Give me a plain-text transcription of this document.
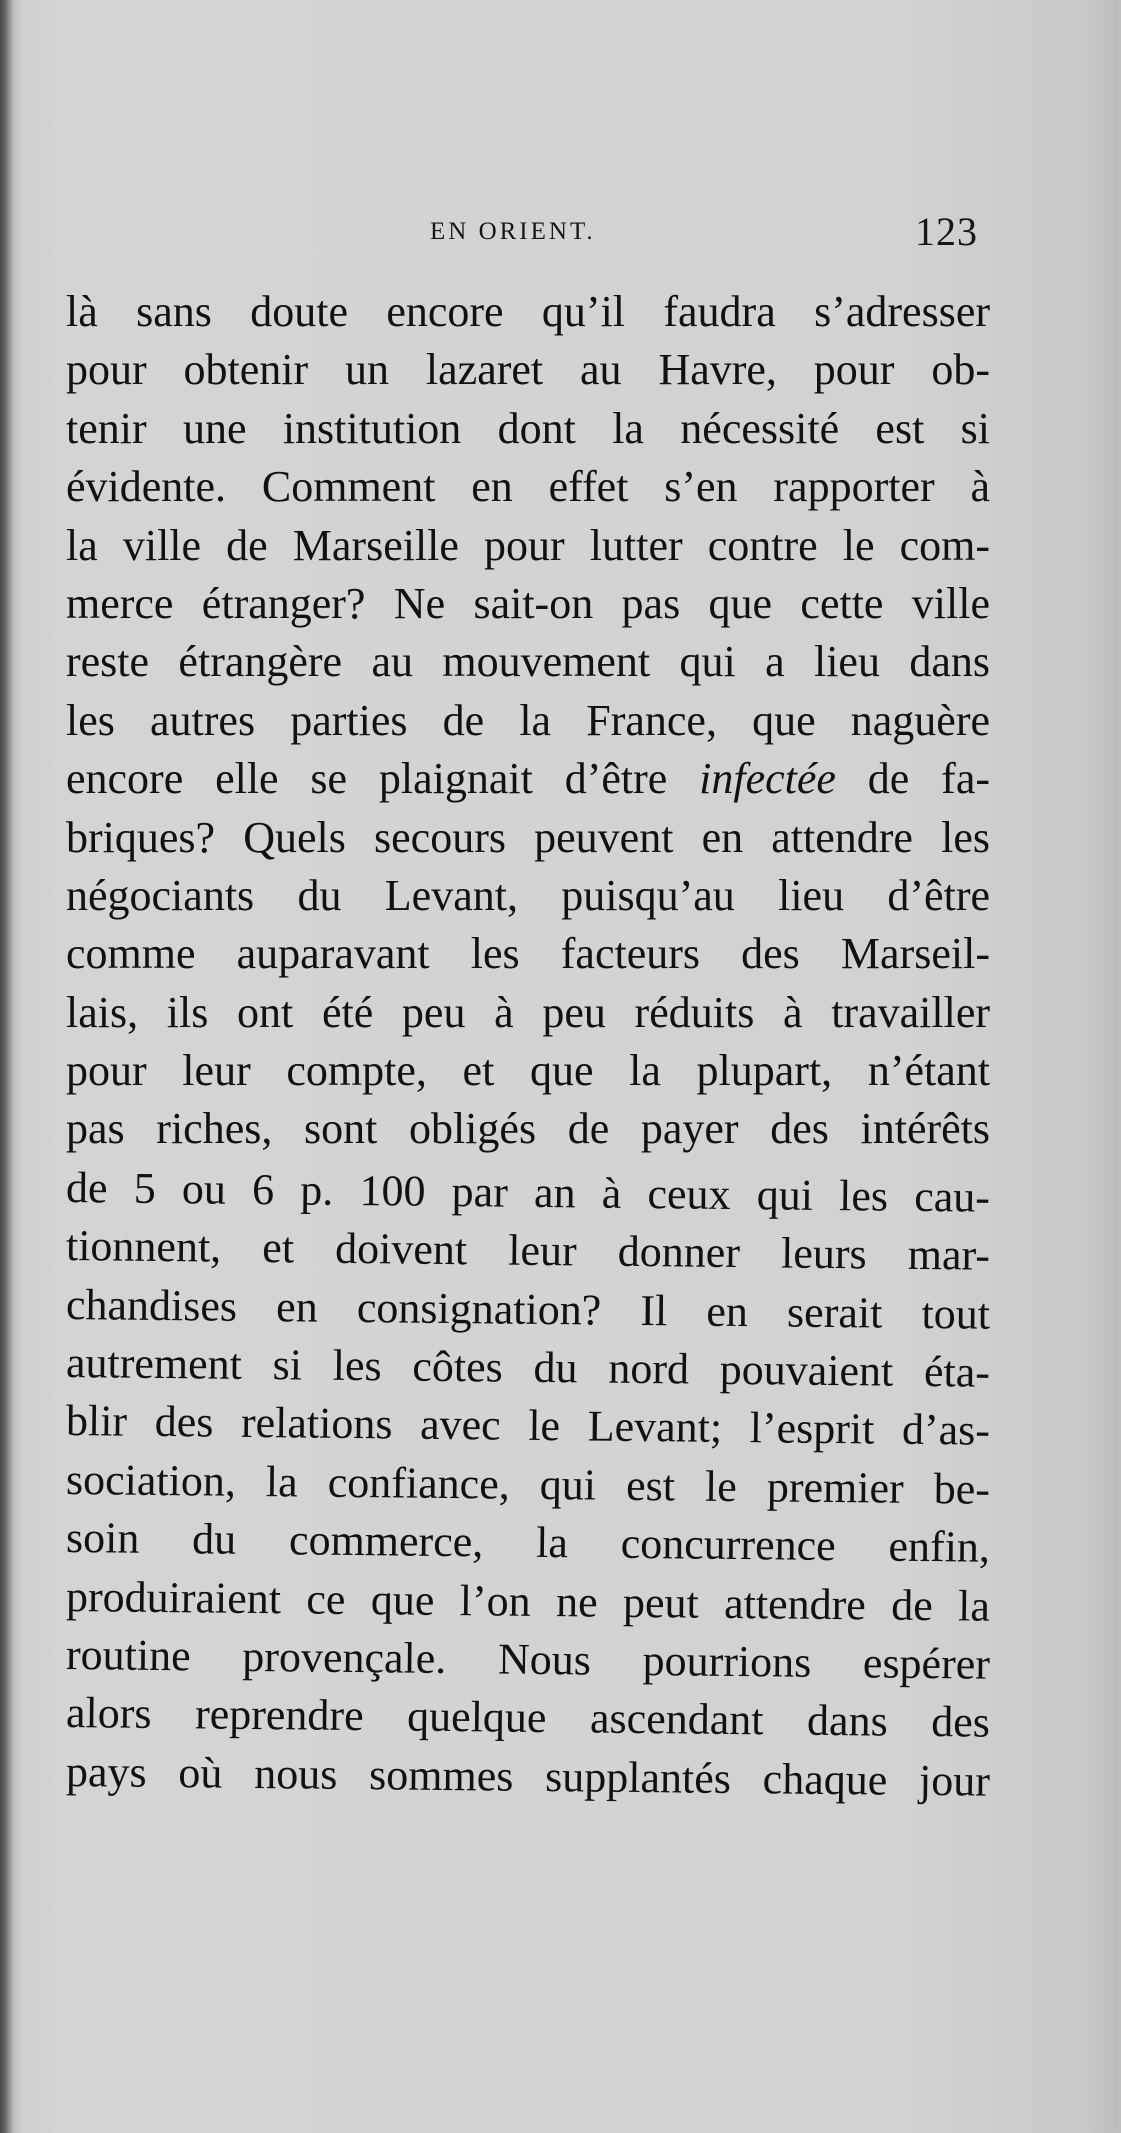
EN ORIENT.	123
là sans doute encore qu’il faudra s’adresser
pour obtenir un lazaret au Havre, pour ob-
tenir une institution dont la nécessité est si
évidente. Comment en effet s’en rapporter à
la ville de Marseille pour lutter contre le com-
merce étranger? Ne sait-on pas que cette ville
reste étrangère au mouvement qui a lieu dans
les autres parties de la France, que naguère
encore elle se plaignait d’être infectée de fa-
briques? Quels secours peuvent en attendre les
négociants du Levant, puisqu’au lieu d’être
comme auparavant les facteurs des Marseil-
lais, ils ont été peu à peu réduits à travailler
pour leur compte, et que la plupart, n’étant
pas riches, sont obligés de payer des intérêts
de 5 ou 6 p. 100 par an à ceux qui les cau-
tionnent, et doivent leur donner leurs mar-
chandises en consignation? Il en serait tout
autrement si les côtes du nord pouvaient éta-
blir des relations avec le Levant; l’esprit d’as-
sociation, la confiance, qui est le premier be-
soin du commerce, la concurrence enfin,
produiraient ce que l’on ne peut attendre de la
routine provençale. Nous pourrions espérer
alors reprendre quelque ascendant dans des
pays où nous sommes supplantés chaque jour
